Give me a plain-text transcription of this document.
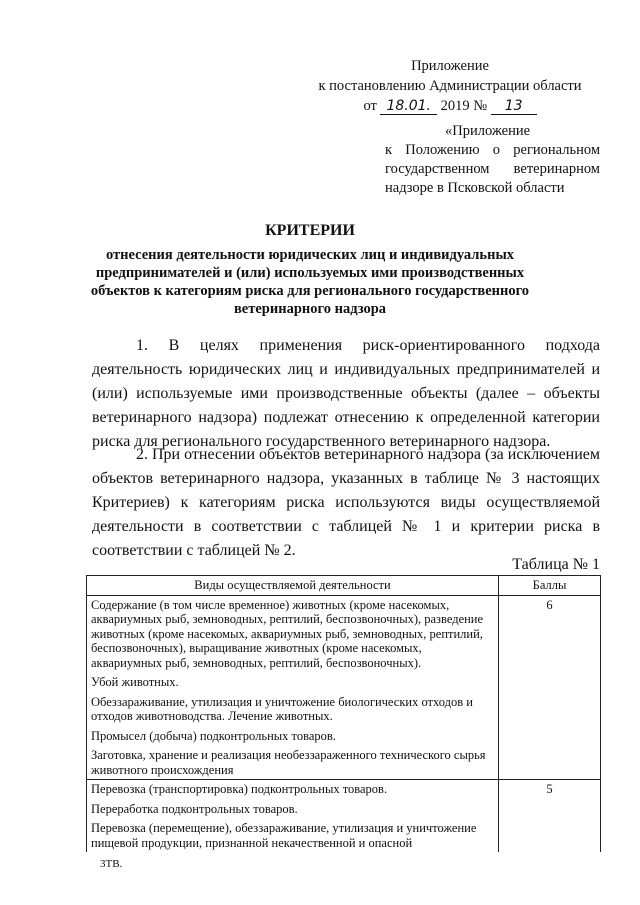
Приложение
к постановлению Администрации области
от 18.01. 2019 № 13
«Приложение
к Положению о региональном государственном ветеринарном надзоре в Псковской области
КРИТЕРИИ
отнесения деятельности юридических лиц и индивидуальных предпринимателей и (или) используемых ими производственных объектов к категориям риска для регионального государственного ветеринарного надзора
1. В целях применения риск-ориентированного подхода деятельность юридических лиц и индивидуальных предпринимателей и (или) используемые ими производственные объекты (далее – объекты ветеринарного надзора) подлежат отнесению к определенной категории риска для регионального государственного ветеринарного надзора.
2. При отнесении объектов ветеринарного надзора (за исключением объектов ветеринарного надзора, указанных в таблице № 3 настоящих Критериев) к категориям риска используются виды осуществляемой деятельности в соответствии с таблицей № 1 и критерии риска в соответствии с таблицей № 2.
Таблица № 1
Виды осуществляемой деятельности	Баллы

Содержание (в том числе временное) животных (кроме насекомых, аквариумных рыб, земноводных, рептилий, беспозвоночных), разведение животных (кроме насекомых, аквариумных рыб, земноводных, рептилий, беспозвоночных), выращивание животных (кроме насекомых, аквариумных рыб, земноводных, рептилий, беспозвоночных).

Убой животных.

Обеззараживание, утилизация и уничтожение биологических отходов и отходов животноводства. Лечение животных.

Промысел (добыча) подконтрольных товаров.

Заготовка, хранение и реализация необеззараженного технического сырья животного происхождения	6

Перевозка (транспортировка) подконтрольных товаров.

Переработка подконтрольных товаров.

Перевозка (перемещение), обеззараживание, утилизация и уничтожение пищевой продукции, признанной некачественной и опасной	5
3ТВ.
